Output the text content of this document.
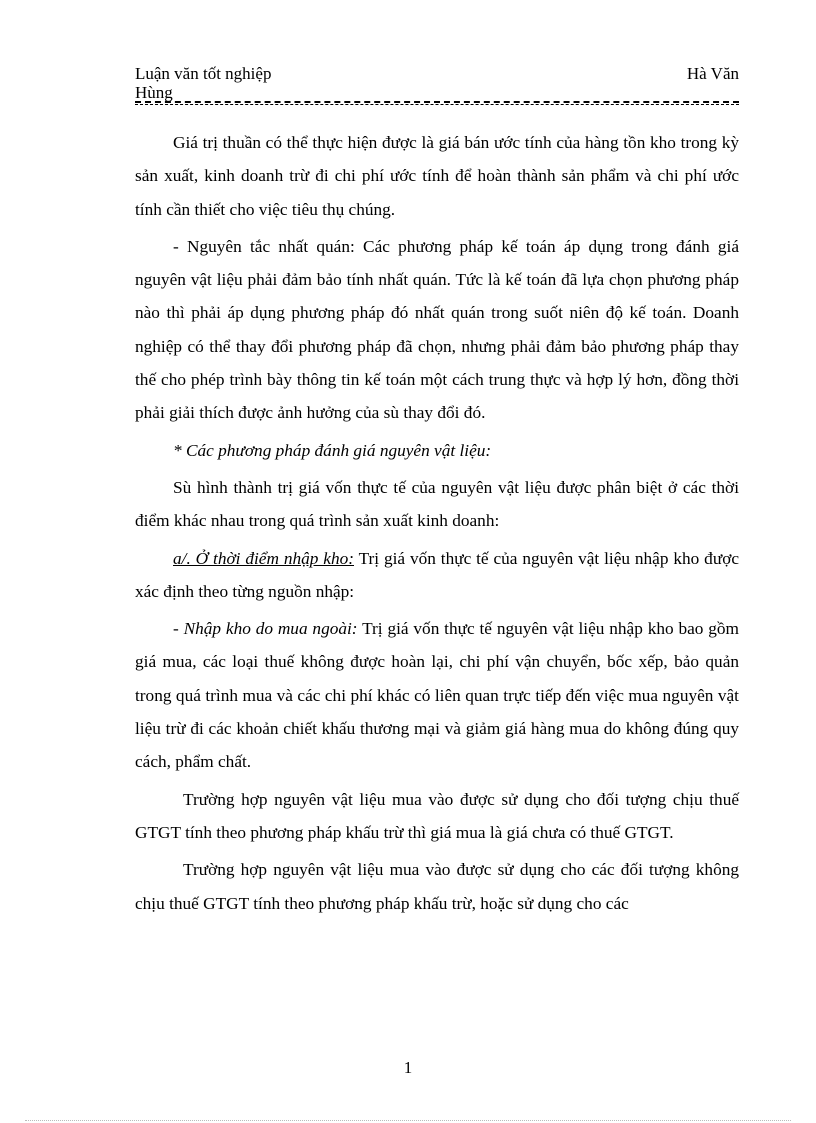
Luận văn tốt nghiệp	Hà Văn
Hùng

Giá trị thuần có thể thực hiện được là giá bán ước tính của hàng tồn kho trong kỳ sản xuất, kinh doanh trừ đi chi phí ước tính để hoàn thành sản phẩm và chi phí ước tính cần thiết cho việc tiêu thụ chúng.

- Nguyên tắc nhất quán: Các phương pháp kế toán áp dụng trong đánh giá nguyên vật liệu phải đảm bảo tính nhất quán. Tức là kế toán đã lựa chọn phương pháp nào thì phải áp dụng phương pháp đó nhất quán trong suốt niên độ kế toán. Doanh nghiệp có thể thay đổi phương pháp đã chọn, nhưng phải đảm bảo phương pháp thay thế cho phép trình bày thông tin kế toán một cách trung thực và hợp lý hơn, đồng thời phải giải thích được ảnh hưởng của sù thay đổi đó.

* Các phương pháp đánh giá nguyên vật liệu:

Sù hình thành trị giá vốn thực tế của nguyên vật liệu được phân biệt ở các thời điểm khác nhau trong quá trình sản xuất kinh doanh:

a/. Ở thời điểm nhập kho: Trị giá vốn thực tế của nguyên vật liệu nhập kho được xác định theo từng nguồn nhập:

- Nhập kho do mua ngoài: Trị giá vốn thực tế nguyên vật liệu nhập kho bao gồm giá mua, các loại thuế không được hoàn lại, chi phí vận chuyển, bốc xếp, bảo quản trong quá trình mua và các chi phí khác có liên quan trực tiếp đến việc mua nguyên vật liệu trừ đi các khoản chiết khấu thương mại và giảm giá hàng mua do không đúng quy cách, phẩm chất.

Trường hợp nguyên vật liệu mua vào được sử dụng cho đối tượng chịu thuế GTGT tính theo phương pháp khấu trừ thì giá mua là giá chưa có thuế GTGT.

Trường hợp nguyên vật liệu mua vào được sử dụng cho các đối tượng không chịu thuế GTGT tính theo phương pháp khấu trừ, hoặc sử dụng cho các

1
